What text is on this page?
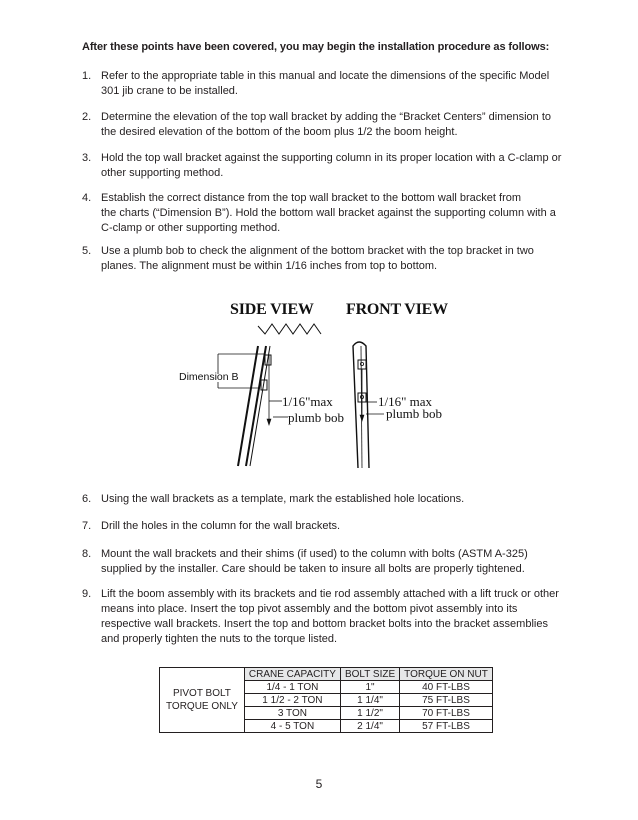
After these points have been covered, you may begin the installation procedure as follows:
1. Refer to the appropriate table in this manual and locate the dimensions of the specific Model
301 jib crane to be installed.
2. Determine the elevation of the top wall bracket by adding the “Bracket Centers” dimension to
the desired elevation of the bottom of the boom plus 1/2 the boom height.
3. Hold the top wall bracket against the supporting column in its proper location with a C-clamp or
other supporting method.
4. Establish the correct distance from the top wall bracket to the bottom wall bracket from
the charts (“Dimension B”). Hold the bottom wall bracket against the supporting column with a
C-clamp or other supporting method.
5. Use a plumb bob to check the alignment of the bottom bracket with the top bracket in two
planes. The alignment must be within 1/16 inches from top to bottom.
SIDE VIEW FRONT VIEW
Dimension B
1/16"max
plumb bob
1/16" max
plumb bob
6. Using the wall brackets as a template, mark the established hole locations.
7. Drill the holes in the column for the wall brackets.
8. Mount the wall brackets and their shims (if used) to the column with bolts (ASTM A-325)
supplied by the installer. Care should be taken to insure all bolts are properly tightened.
9. Lift the boom assembly with its brackets and tie rod assembly attached with a lift truck or other
means into place. Insert the top pivot assembly and the bottom pivot assembly into its
respective wall brackets. Insert the top and bottom bracket bolts into the bracket assemblies
and properly tighten the nuts to the torque listed.
PIVOT BOLT
TORQUE ONLY	CRANE CAPACITY	BOLT SIZE	TORQUE ON NUT
	1/4 - 1 TON	1"	40 FT-LBS
	1 1/2 - 2 TON	1 1/4"	75 FT-LBS
	3 TON	1 1/2"	70 FT-LBS
	4 - 5 TON	2 1/4"	57 FT-LBS
5
